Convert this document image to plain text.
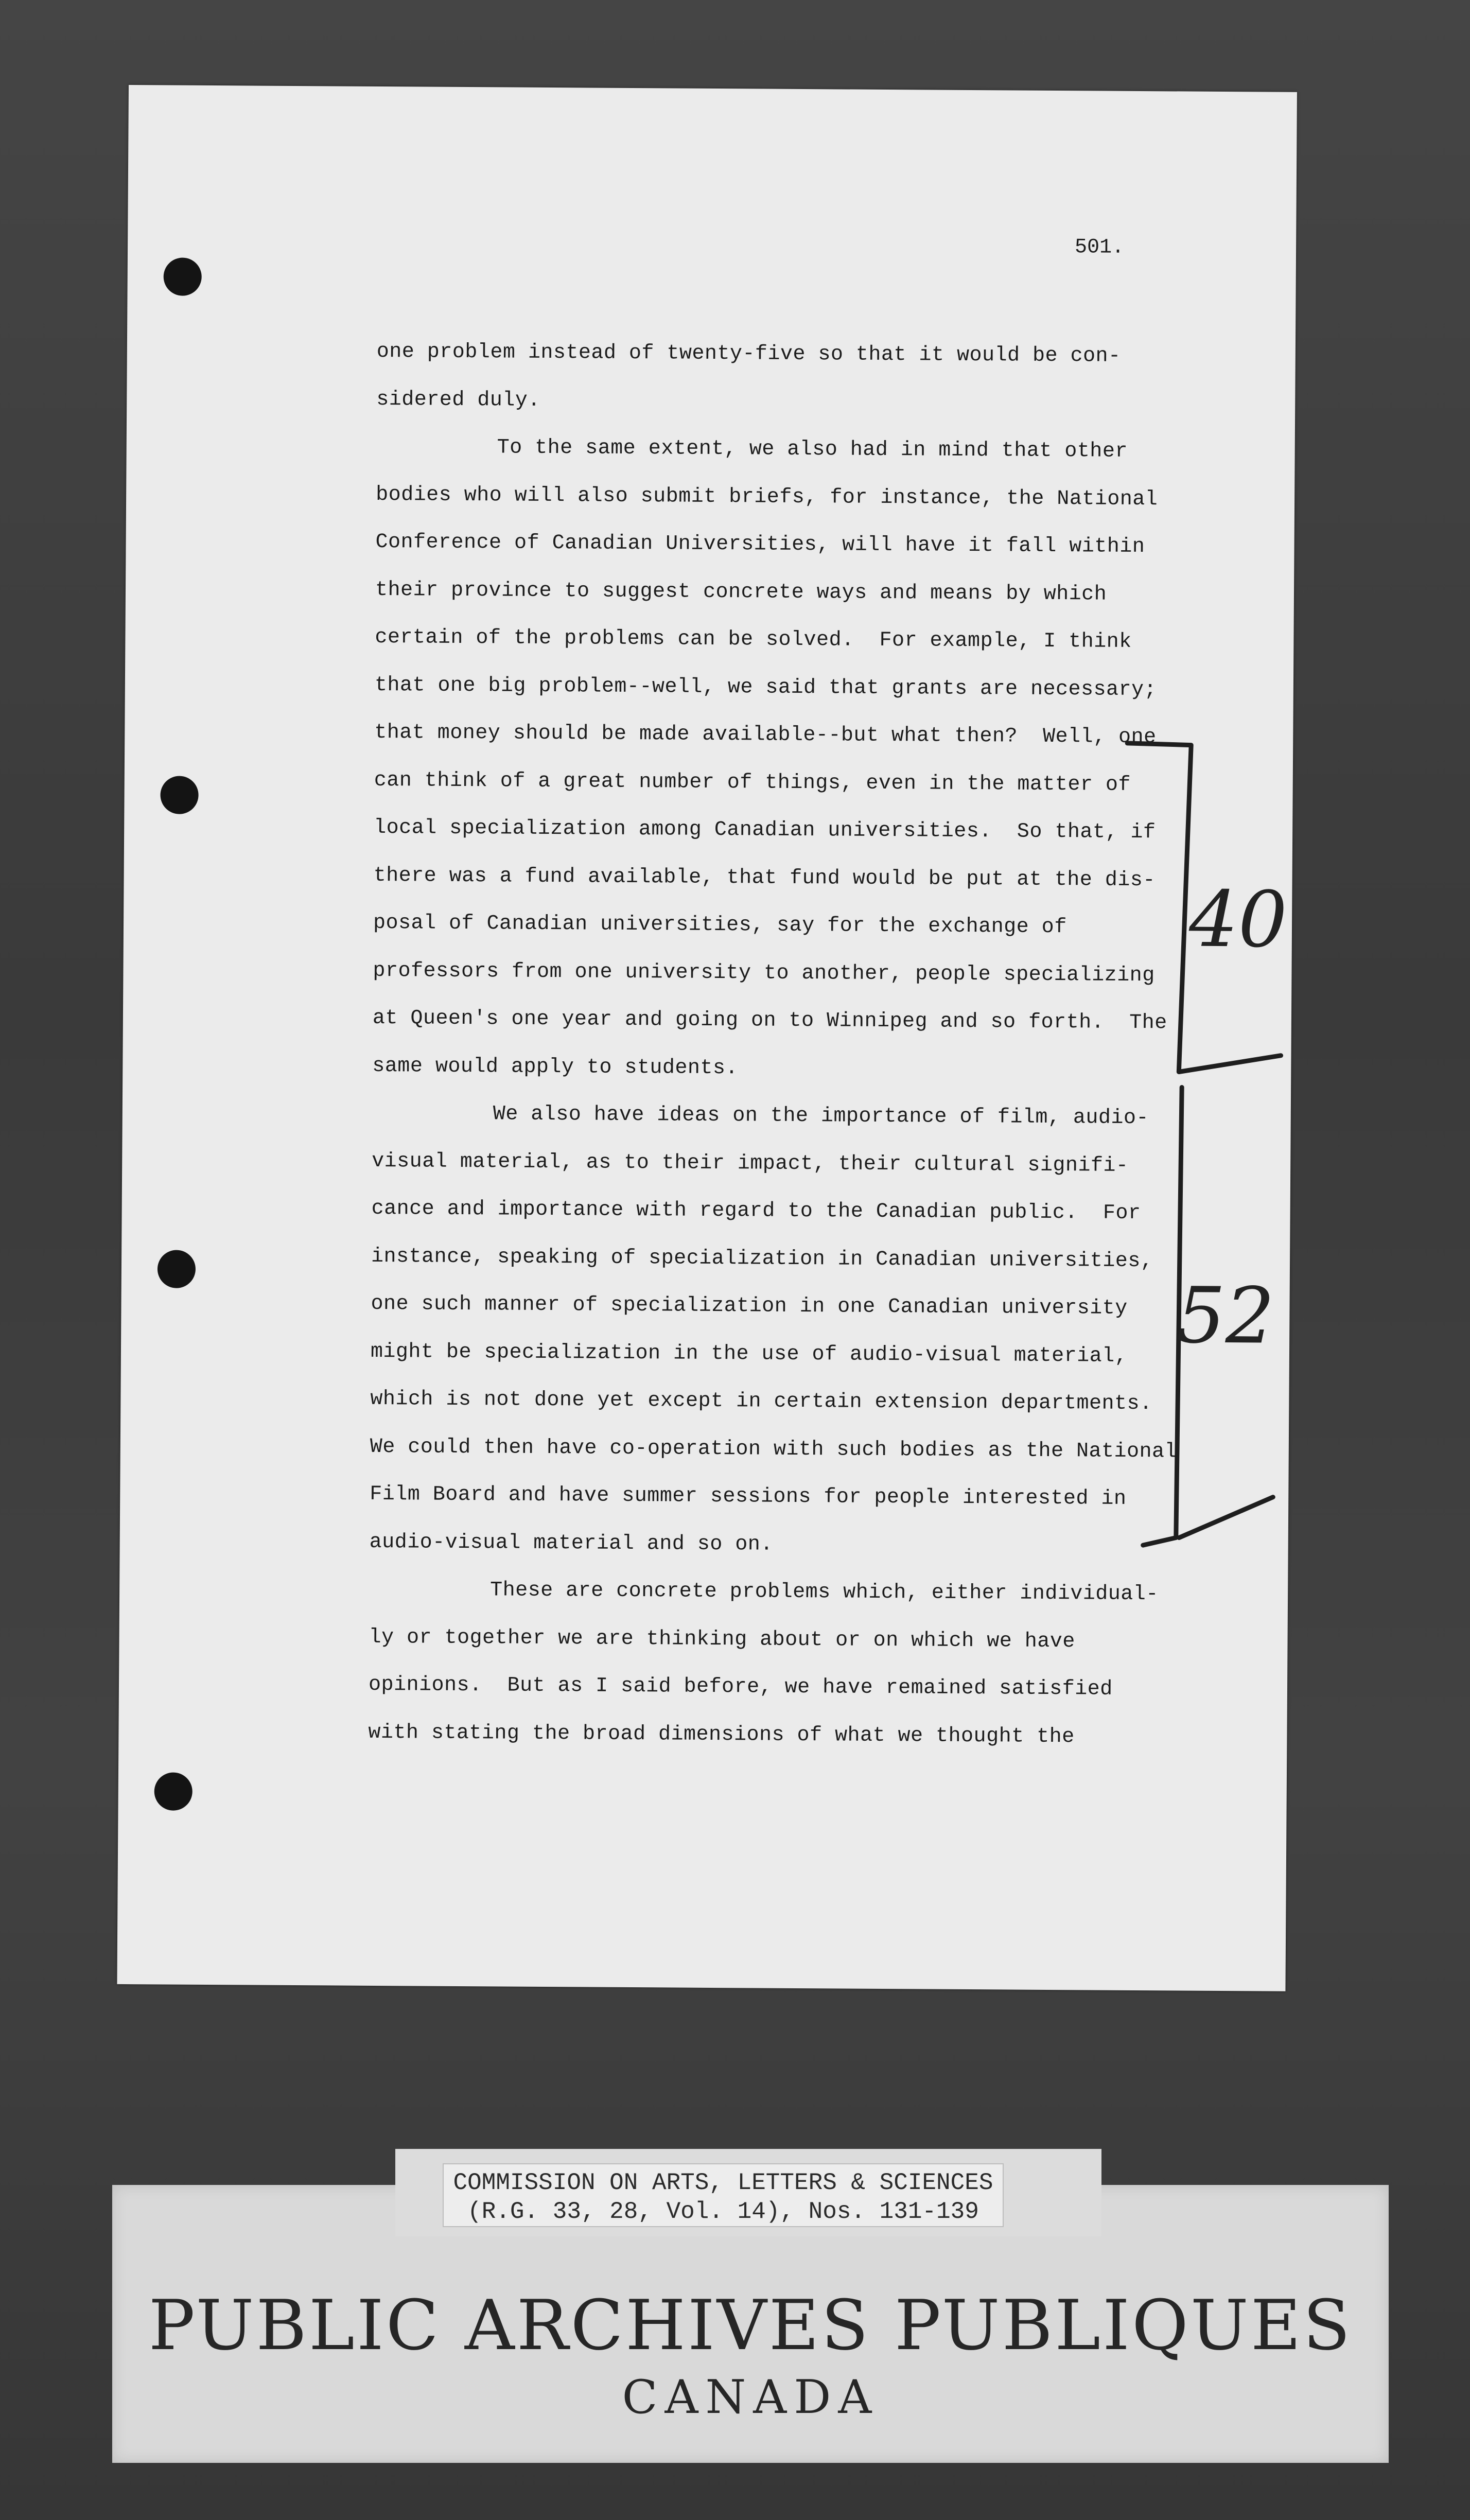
501.
one problem instead of twenty-five so that it would be con-
sidered duly.
To the same extent, we also had in mind that other
bodies who will also submit briefs, for instance, the National
Conference of Canadian Universities, will have it fall within
their province to suggest concrete ways and means by which
certain of the problems can be solved.  For example, I think
that one big problem--well, we said that grants are necessary;
that money should be made available--but what then?  Well, one
can think of a great number of things, even in the matter of
local specialization among Canadian universities.  So that, if
there was a fund available, that fund would be put at the dis-
posal of Canadian universities, say for the exchange of
professors from one university to another, people specializing
at Queen's one year and going on to Winnipeg and so forth.  The
same would apply to students.
We also have ideas on the importance of film, audio-
visual material, as to their impact, their cultural signifi-
cance and importance with regard to the Canadian public.  For
instance, speaking of specialization in Canadian universities,
one such manner of specialization in one Canadian university
might be specialization in the use of audio-visual material,
which is not done yet except in certain extension departments.
We could then have co-operation with such bodies as the National
Film Board and have summer sessions for people interested in
audio-visual material and so on.
These are concrete problems which, either individual-
ly or together we are thinking about or on which we have
opinions.  But as I said before, we have remained satisfied
with stating the broad dimensions of what we thought the
40
52
COMMISSION ON ARTS, LETTERS & SCIENCES
(R.G. 33, 28, Vol. 14), Nos. 131-139
PUBLIC ARCHIVES PUBLIQUES
CANADA
